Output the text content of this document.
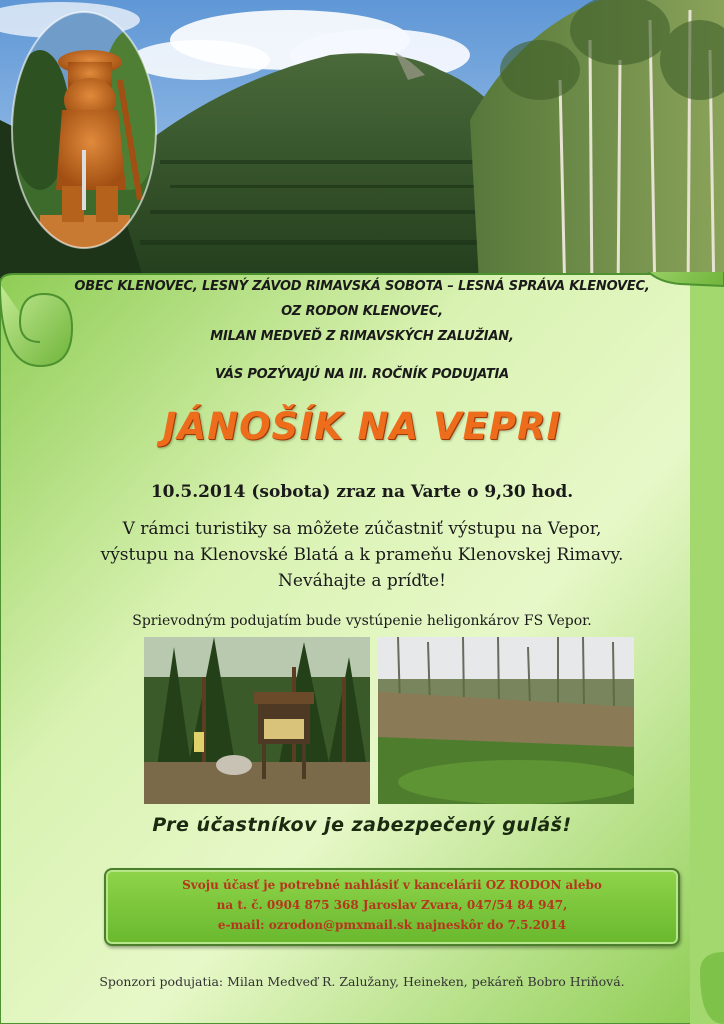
OBEC KLENOVEC, LESNÝ ZÁVOD RIMAVSKÁ SOBOTA – LESNÁ SPRÁVA KLENOVEC,

OZ RODON KLENOVEC,

MILAN MEDVEĎ Z RIMAVSKÝCH ZALUŽIAN,

VÁS POZÝVAJÚ NA III. ROČNÍK PODUJATIA

JÁNOŠÍK NA VEPRI

10.5.2014 (sobota) zraz na Varte o 9,30 hod.

V rámci turistiky sa môžete zúčastniť výstupu na Vepor,

výstupu na Klenovské Blatá a k prameňu Klenovskej Rimavy.

Neváhajte a príďte!

Sprievodným podujatím bude vystúpenie heligonkárov FS Vepor.

Pre účastníkov je zabezpečený guláš!

Svoju účasť je potrebné nahlásiť v kancelárii OZ RODON alebo

na t. č. 0904 875 368 Jaroslav Zvara, 047/54 84 947,

e-mail: ozrodon@pmxmail.sk najneskôr do 7.5.2014

Sponzori podujatia: Milan Medveď R. Zalužany, Heineken, pekáreň Bobro Hriňová.
